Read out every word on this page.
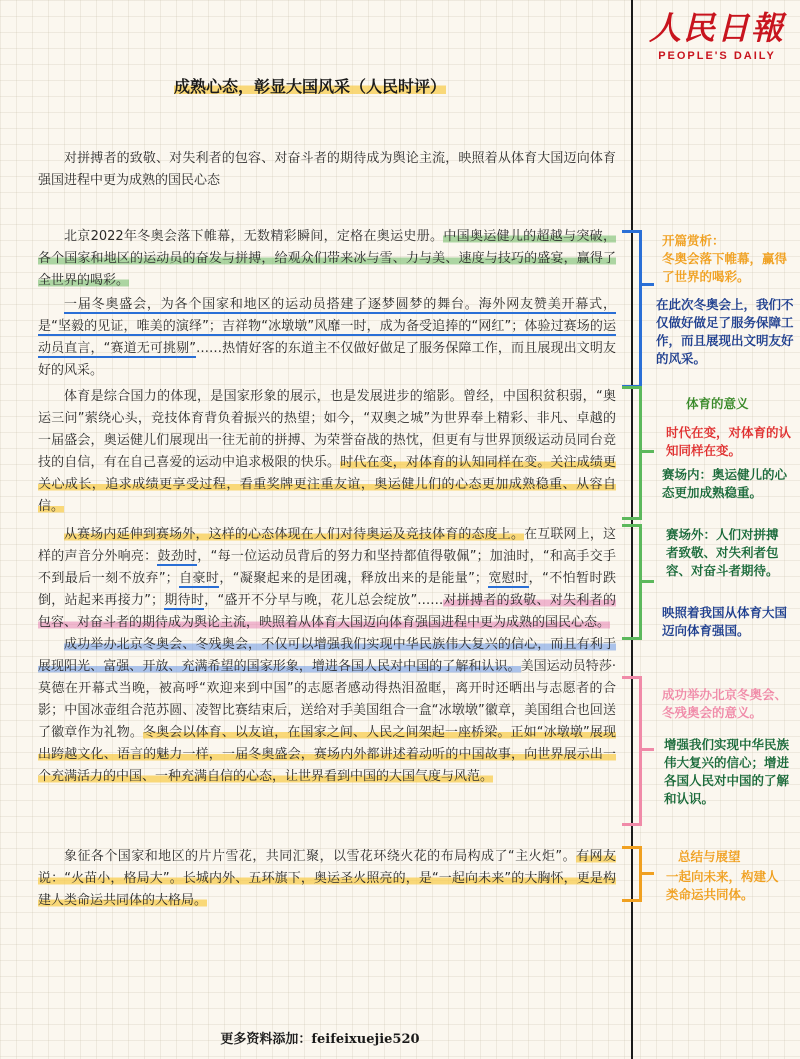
人民日報
PEOPLE'S DAILY
成熟心态，彰显大国风采（人民时评）
对拼搏者的致敬、对失利者的包容、对奋斗者的期待成为舆论主流，映照着从体育大国迈向体育强国进程中更为成熟的国民心态
北京2022年冬奥会落下帷幕，无数精彩瞬间，定格在奥运史册。中国奥运健儿的超越与突破，各个国家和地区的运动员的奋发与拼搏，给观众们带来冰与雪、力与美、速度与技巧的盛宴，赢得了全世界的喝彩。
一届冬奥盛会，为各个国家和地区的运动员搭建了逐梦圆梦的舞台。海外网友赞美开幕式，是“坚毅的见证，唯美的演绎”；吉祥物“冰墩墩”风靡一时，成为备受追捧的“网红”；体验过赛场的运动员直言，“赛道无可挑剔”……热情好客的东道主不仅做好做足了服务保障工作，而且展现出文明友好的风采。
体育是综合国力的体现，是国家形象的展示，也是发展进步的缩影。曾经，中国积贫积弱，“奥运三问”萦绕心头，竞技体育背负着振兴的热望；如今，“双奥之城”为世界奉上精彩、非凡、卓越的一届盛会，奥运健儿们展现出一往无前的拼搏、为荣誉奋战的热忱，但更有与世界顶级运动员同台竞技的自信，有在自己喜爱的运动中追求极限的快乐。时代在变，对体育的认知同样在变。关注成绩更关心成长，追求成绩更享受过程，看重奖牌更注重友谊，奥运健儿们的心态更加成熟稳重、从容自信。
从赛场内延伸到赛场外，这样的心态体现在人们对待奥运及竞技体育的态度上。在互联网上，这样的声音分外响亮：鼓劲时，“每一位运动员背后的努力和坚持都值得敬佩”；加油时，“和高手交手不到最后一刻不放弃”；自豪时，“凝聚起来的是团魂，释放出来的是能量”；宽慰时，“不怕暂时跌倒，站起来再接力”；期待时，“盛开不分早与晚，花儿总会绽放”……对拼搏者的致敬、对失利者的包容、对奋斗者的期待成为舆论主流，映照着从体育大国迈向体育强国进程中更为成熟的国民心态。
成功举办北京冬奥会、冬残奥会，不仅可以增强我们实现中华民族伟大复兴的信心，而且有利于展现阳光、富强、开放、充满希望的国家形象，增进各国人民对中国的了解和认识。美国运动员特莎·莫德在开幕式当晚，被高呼“欢迎来到中国”的志愿者感动得热泪盈眶，离开时还晒出与志愿者的合影；中国冰壶组合范苏圆、凌智比赛结束后，送给对手美国组合一盒“冰墩墩”徽章，美国组合也回送了徽章作为礼物。冬奥会以体育、以友谊，在国家之间、人民之间架起一座桥梁。正如“冰墩墩”展现出跨越文化、语言的魅力一样，一届冬奥盛会，赛场内外都讲述着动听的中国故事，向世界展示出一个充满活力的中国、一种充满自信的心态，让世界看到中国的大国气度与风范。
象征各个国家和地区的片片雪花，共同汇聚，以雪花环绕火花的布局构成了“主火炬”。有网友说：“火苗小，格局大”。长城内外、五环旗下，奥运圣火照亮的，是“一起向未来”的大胸怀，更是构建人类命运共同体的大格局。
开篇赏析：
冬奥会落下帷幕，赢得了世界的喝彩。
在此次冬奥会上，我们不仅做好做足了服务保障工作，而且展现出文明友好的风采。
体育的意义
时代在变，对体育的认知同样在变。
赛场内：奥运健儿的心态更加成熟稳重。
赛场外：人们对拼搏者致敬、对失利者包容、对奋斗者期待。
映照着我国从体育大国迈向体育强国。
成功举办北京冬奥会、冬残奥会的意义。
增强我们实现中华民族伟大复兴的信心；增进各国人民对中国的了解和认识。
总结与展望
一起向未来，构建人类命运共同体。
更多资料添加：feifeixuejie520
